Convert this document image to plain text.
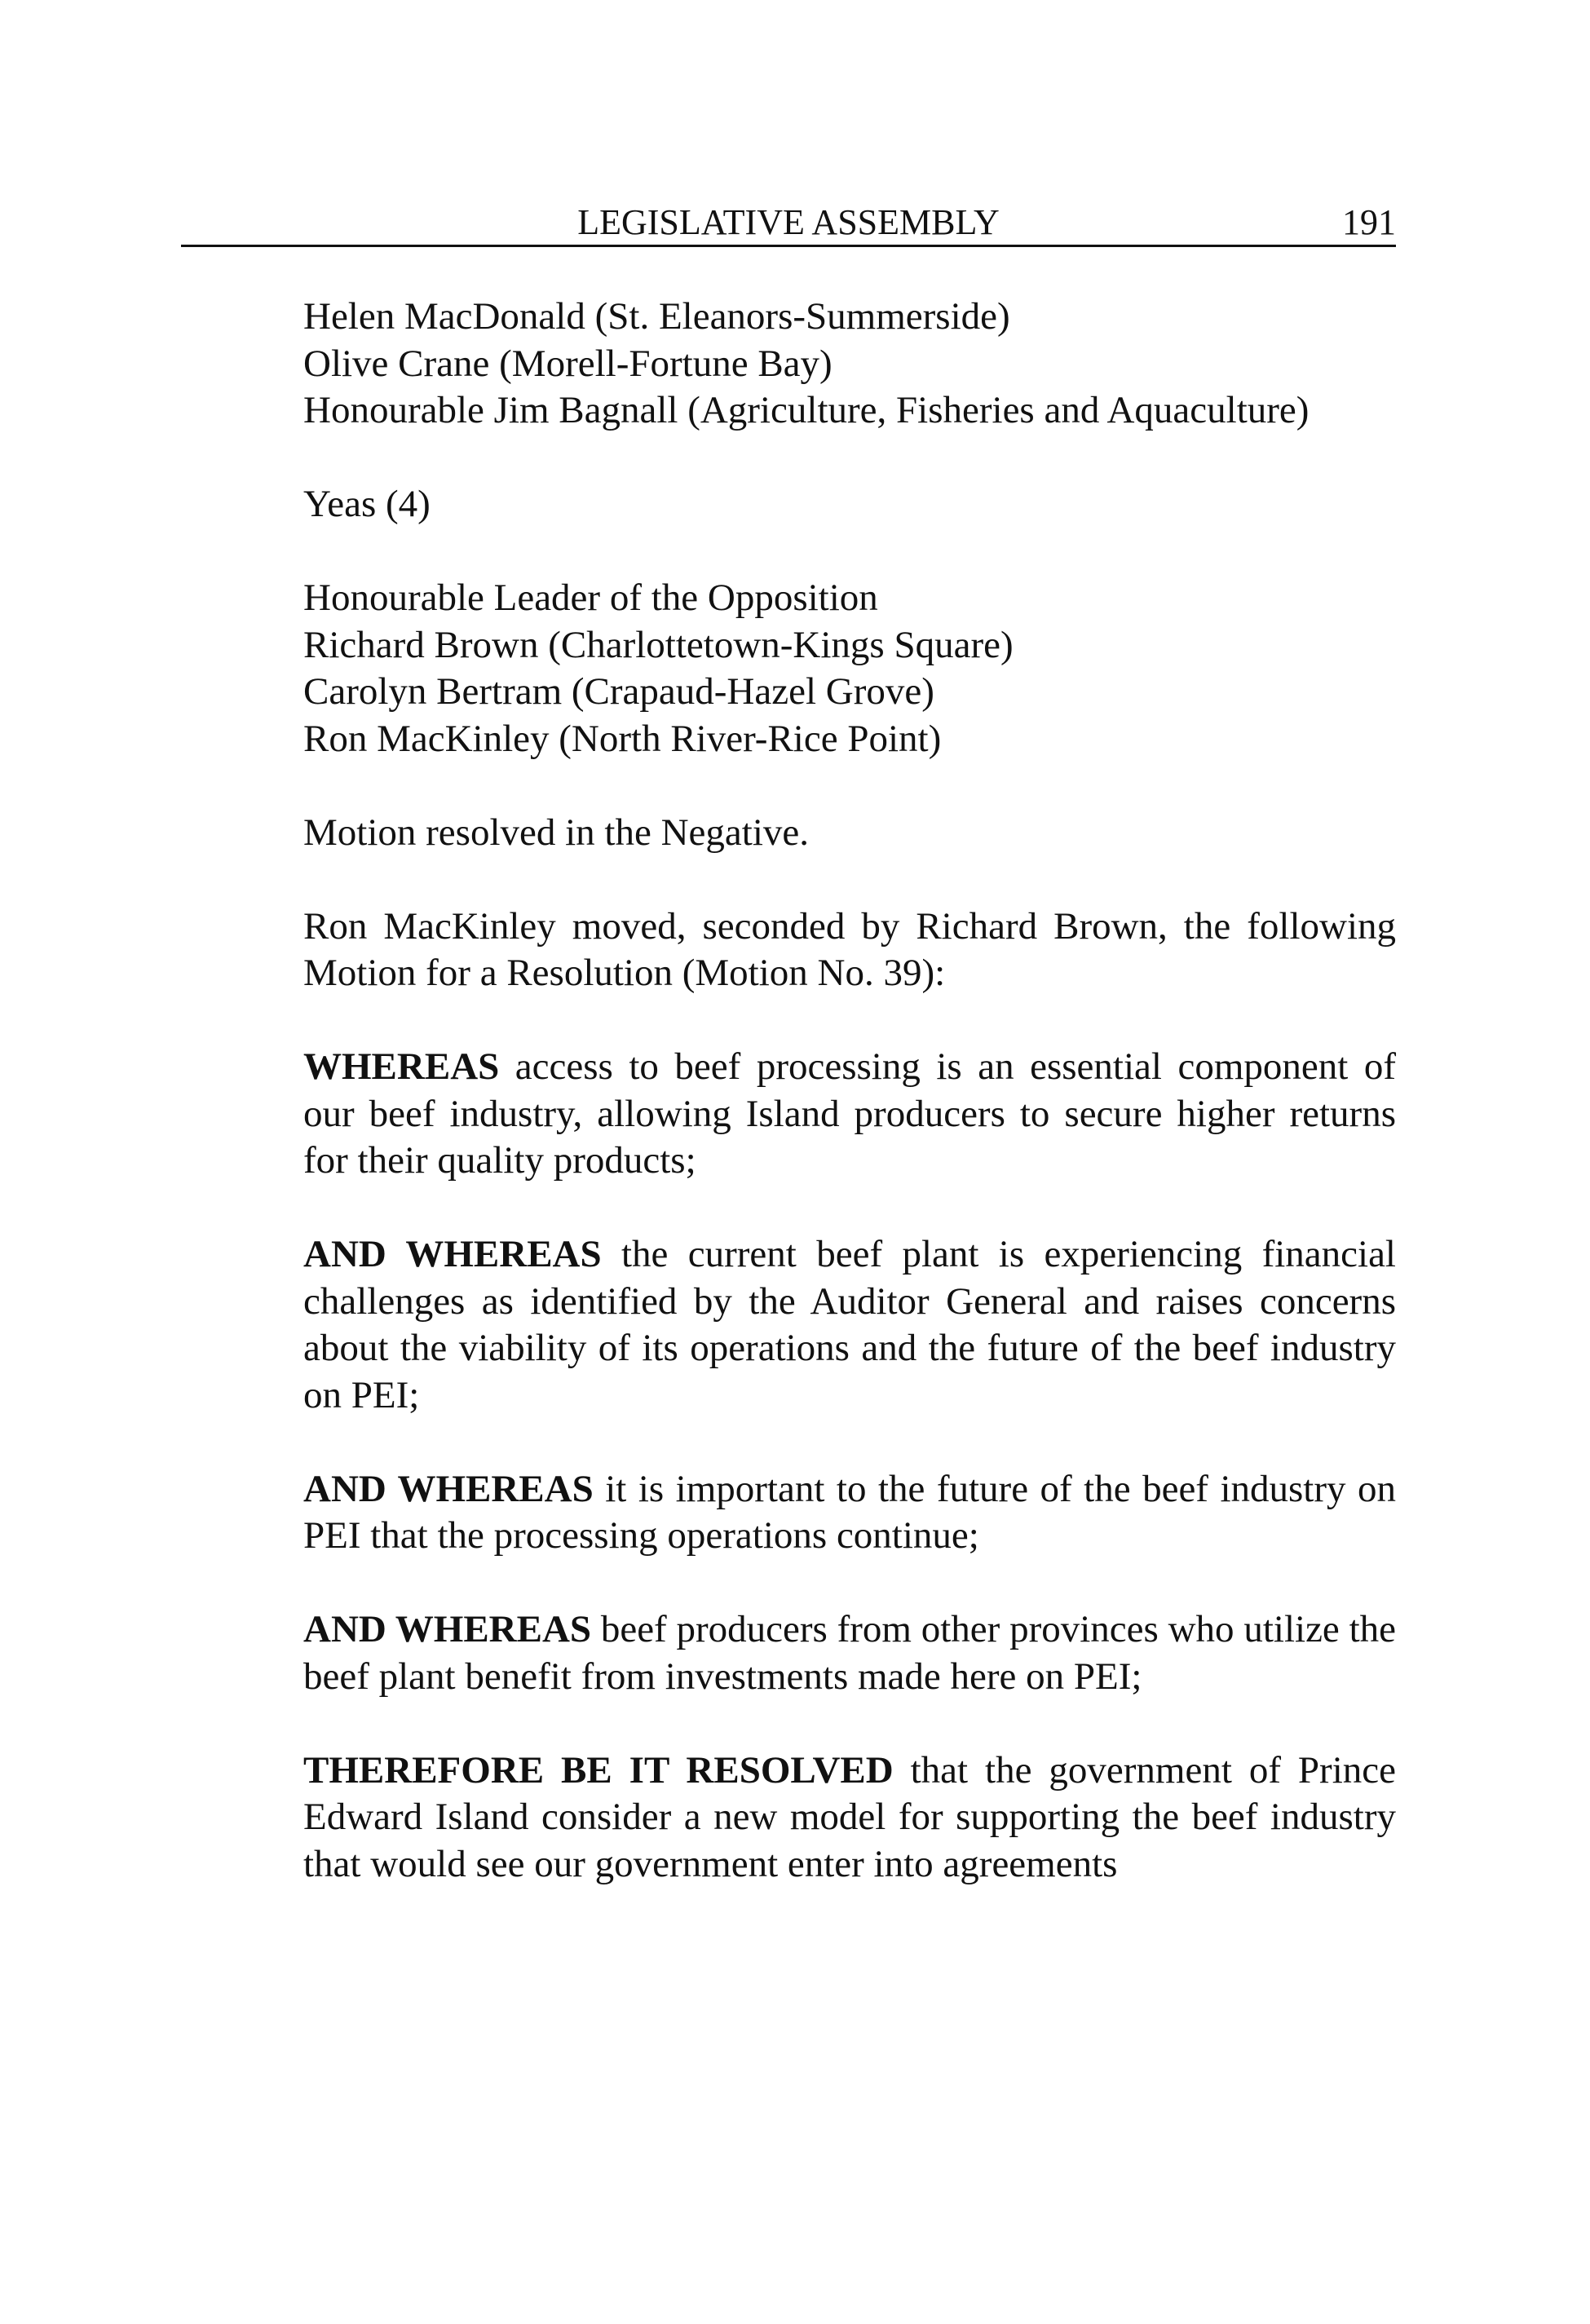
LEGISLATIVE ASSEMBLY	191
Helen MacDonald (St. Eleanors-Summerside)
Olive Crane (Morell-Fortune Bay)
Honourable Jim Bagnall (Agriculture, Fisheries and Aquaculture)
Yeas (4)
Honourable Leader of the Opposition
Richard Brown (Charlottetown-Kings Square)
Carolyn Bertram (Crapaud-Hazel Grove)
Ron MacKinley (North River-Rice Point)
Motion resolved in the Negative.
Ron MacKinley moved, seconded by Richard Brown, the following Motion for a Resolution (Motion No. 39):
WHEREAS access to beef processing is an essential component of our beef industry, allowing Island producers to secure higher returns for their quality products;
AND WHEREAS the current beef plant is experiencing financial challenges as identified by the Auditor General and raises concerns about the viability of its operations and the future of the beef industry on PEI;
AND WHEREAS it is important to the future of the beef industry on PEI that the processing operations continue;
AND WHEREAS beef producers from other provinces who utilize the beef plant benefit from investments made here on PEI;
THEREFORE BE IT RESOLVED that the government of Prince Edward Island consider a new model for supporting the beef industry that would see our government enter into agreements
